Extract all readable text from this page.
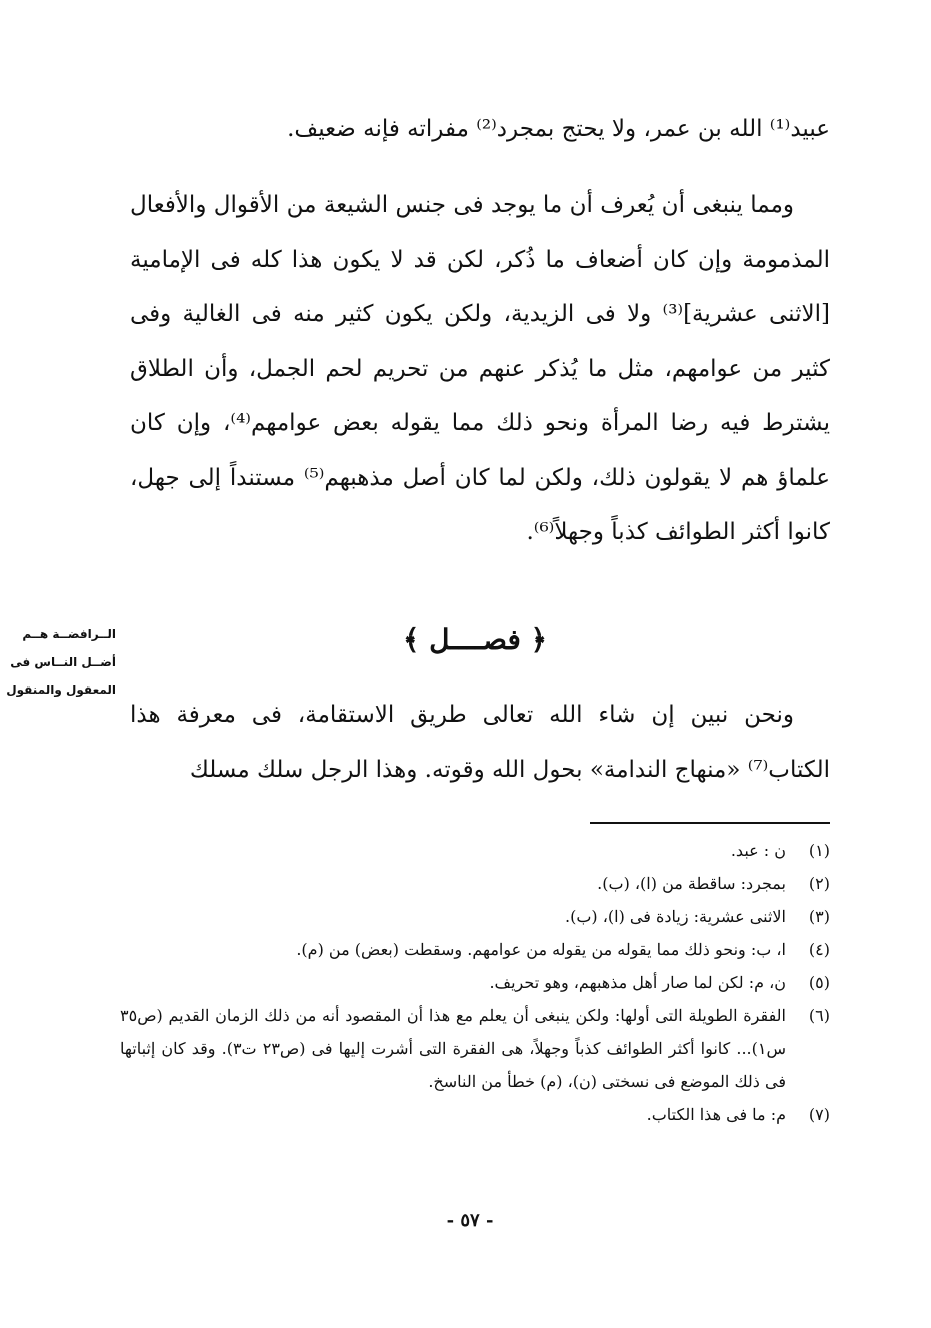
عبيد⁽¹⁾ الله بن عمر، ولا يحتج بمجرد⁽²⁾ مفراته فإنه ضعيف.

ومما ينبغى أن يُعرف أن ما يوجد فى جنس الشيعة من الأقوال والأفعال المذمومة وإن كان أضعاف ما ذُكر، لكن قد لا يكون هذا كله فى الإمامية [الاثنى عشرية]⁽³⁾ ولا فى الزيدية، ولكن يكون كثير منه فى الغالية وفى كثير من عوامهم، مثل ما يُذكر عنهم من تحريم لحم الجمل، وأن الطلاق يشترط فيه رضا المرأة ونحو ذلك مما يقوله بعض عوامهم⁽⁴⁾، وإن كان علماؤ هم لا يقولون ذلك، ولكن لما كان أصل مذهبهم⁽⁵⁾ مستنداً إلى جهل، كانوا أكثر الطوائف كذباً وجهلاً⁽⁶⁾.

﴿ فصــــل ﴾
الــرافضــة هــم
أضــل النــاس فى
المعقول والمنقول

ونحن نبين إن شاء الله تعالى طريق الاستقامة، فى معرفة هذا الكتاب⁽⁷⁾ «منهاج الندامة» بحول الله وقوته. وهذا الرجل سلك مسلك

(١)
ن : عبد.
(٢)
بمجرد: ساقطة من (ا)، (ب).
(٣)
الاثنى عشرية: زيادة فى (ا)، (ب).
(٤)
ا، ب: ونحو ذلك مما يقوله من يقوله من عوامهم. وسقطت (بعض) من (م).
(٥)
ن، م: لكن لما صار أهل مذهبهم، وهو تحريف.
(٦)
الفقرة الطويلة التى أولها: ولكن ينبغى أن يعلم مع هذا أن المقصود أنه من ذلك الزمان القديم (ص٣٥ س١)... كانوا أكثر الطوائف كذباً وجهلاً، هى الفقرة التى أشرت إليها فى (ص٢٣ ت٣). وقد كان إثباتها فى ذلك الموضع فى نسختى (ن)، (م) خطأ من الناسخ.
(٧)
م: ما فى هذا الكتاب.
- ٥٧ -
